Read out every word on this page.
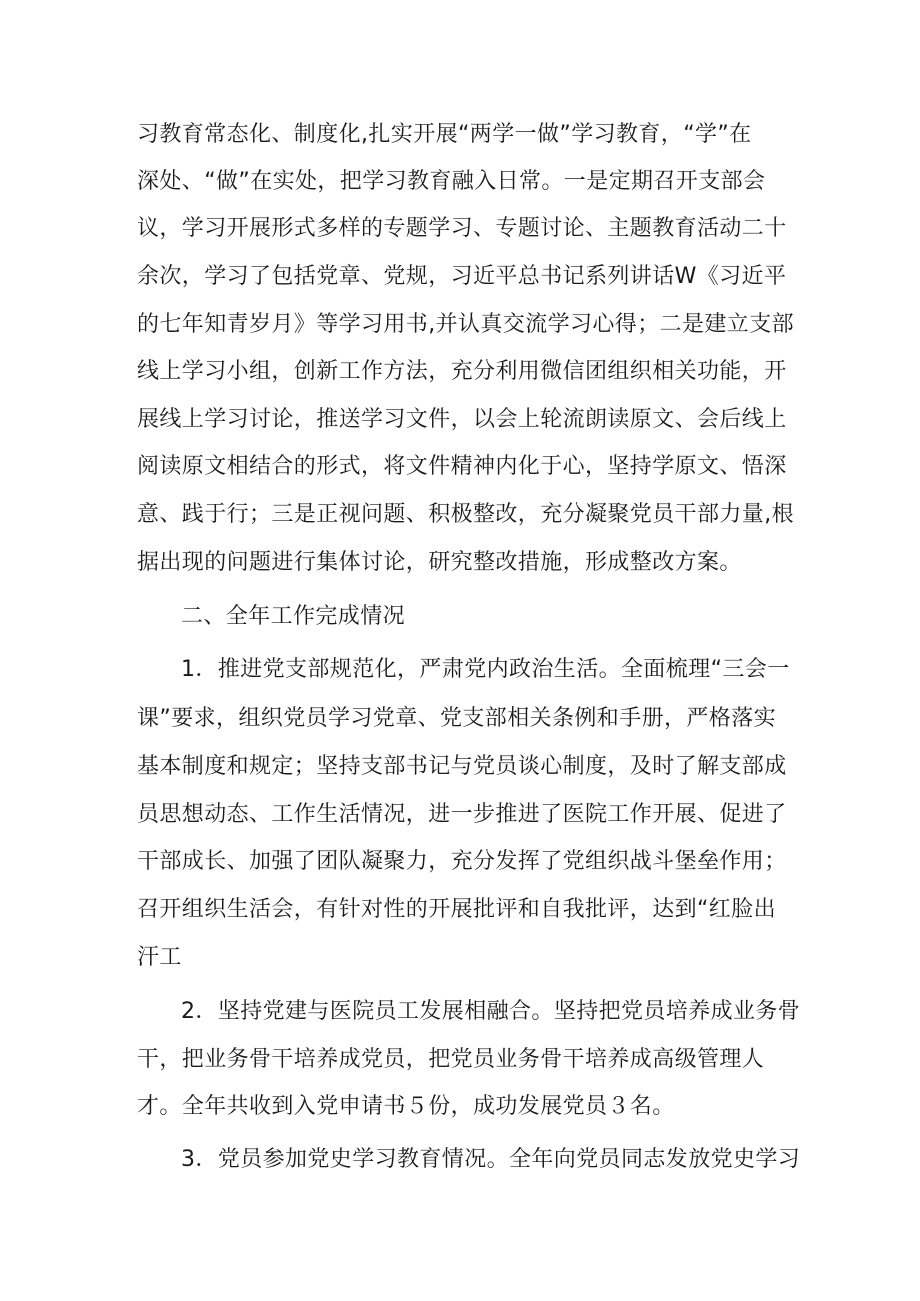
习教育常态化、制度化,扎实开展“两学一做”学习教育，“学”在

深处、“做”在实处，把学习教育融入日常。一是定期召开支部会

议，学习开展形式多样的专题学习、专题讨论、主题教育活动二十

余次，学习了包括党章、党规，习近平总书记系列讲话W《习近平

的七年知青岁月》等学习用书,并认真交流学习心得；二是建立支部

线上学习小组，创新工作方法，充分利用微信团组织相关功能，开

展线上学习讨论，推送学习文件，以会上轮流朗读原文、会后线上

阅读原文相结合的形式，将文件精神内化于心，坚持学原文、悟深

意、践于行；三是正视问题、积极整改，充分凝聚党员干部力量,根

据出现的问题进行集体讨论，研究整改措施，形成整改方案。

二、全年工作完成情况

1．推进党支部规范化，严肃党内政治生活。全面梳理“三会一

课”要求，组织党员学习党章、党支部相关条例和手册，严格落实

基本制度和规定；坚持支部书记与党员谈心制度，及时了解支部成

员思想动态、工作生活情况，进一步推进了医院工作开展、促进了

干部成长、加强了团队凝聚力，充分发挥了党组织战斗堡垒作用；

召开组织生活会，有针对性的开展批评和自我批评，达到“红脸出

汗工

2．坚持党建与医院员工发展相融合。坚持把党员培养成业务骨

干，把业务骨干培养成党员，把党员业务骨干培养成高级管理人

才。全年共收到入党申请书５份，成功发展党员３名。

3．党员参加党史学习教育情况。全年向党员同志发放党史学习
